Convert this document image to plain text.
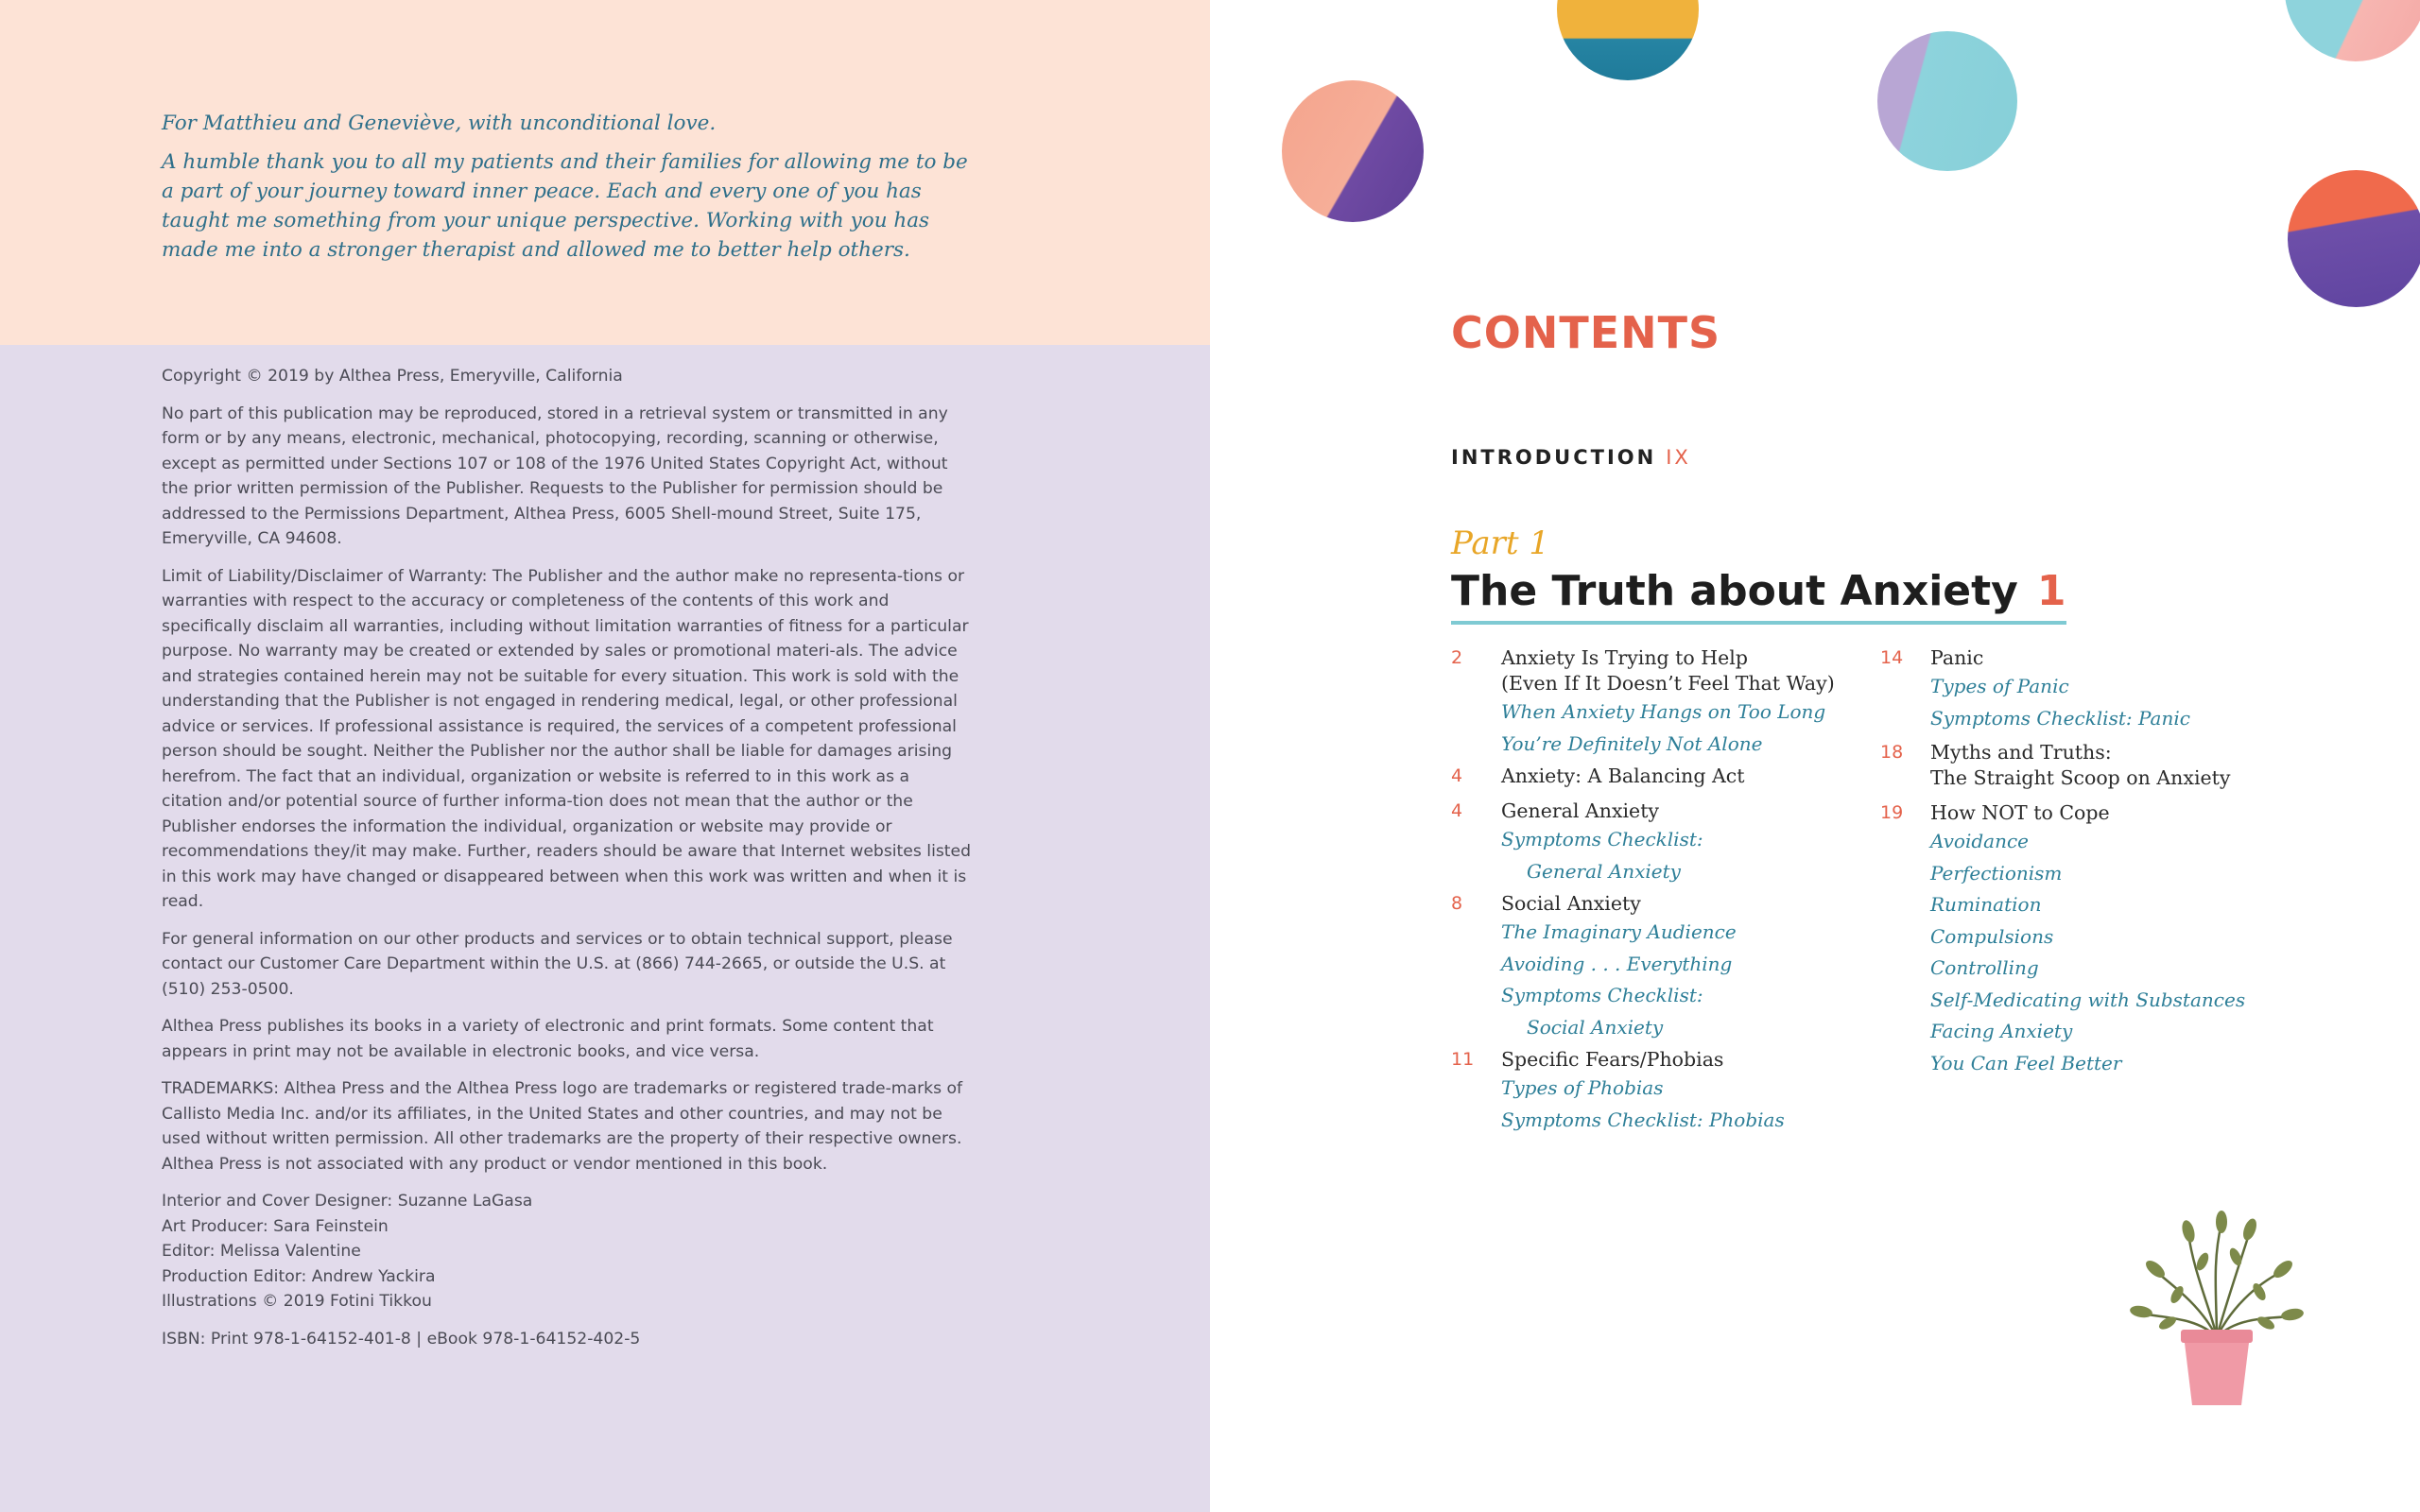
For Matthieu and Geneviève, with unconditional love.

A humble thank you to all my patients and their families for allowing me to be a part of your journey toward inner peace. Each and every one of you has taught me something from your unique perspective. Working with you has made me into a stronger therapist and allowed me to better help others.

Copyright © 2019 by Althea Press, Emeryville, California

No part of this publication may be reproduced, stored in a retrieval system or transmitted in any form or by any means, electronic, mechanical, photocopying, recording, scanning or otherwise, except as permitted under Sections 107 or 108 of the 1976 United States Copyright Act, without the prior written permission of the Publisher. Requests to the Publisher for permission should be addressed to the Permissions Department, Althea Press, 6005 Shell-mound Street, Suite 175, Emeryville, CA 94608.

Limit of Liability/Disclaimer of Warranty: The Publisher and the author make no representa-tions or warranties with respect to the accuracy or completeness of the contents of this work and specifically disclaim all warranties, including without limitation warranties of fitness for a particular purpose. No warranty may be created or extended by sales or promotional materi-als. The advice and strategies contained herein may not be suitable for every situation. This work is sold with the understanding that the Publisher is not engaged in rendering medical, legal, or other professional advice or services. If professional assistance is required, the services of a competent professional person should be sought. Neither the Publisher nor the author shall be liable for damages arising herefrom. The fact that an individual, organization or website is referred to in this work as a citation and/or potential source of further informa-tion does not mean that the author or the Publisher endorses the information the individual, organization or website may provide or recommendations they/it may make. Further, readers should be aware that Internet websites listed in this work may have changed or disappeared between when this work was written and when it is read.

For general information on our other products and services or to obtain technical support, please contact our Customer Care Department within the U.S. at (866) 744-2665, or outside the U.S. at (510) 253-0500.

Althea Press publishes its books in a variety of electronic and print formats. Some content that appears in print may not be available in electronic books, and vice versa.

TRADEMARKS: Althea Press and the Althea Press logo are trademarks or registered trade-marks of Callisto Media Inc. and/or its affiliates, in the United States and other countries, and may not be used without written permission. All other trademarks are the property of their respective owners. Althea Press is not associated with any product or vendor mentioned in this book.

Interior and Cover Designer: Suzanne LaGasa
Art Producer: Sara Feinstein
Editor: Melissa Valentine
Production Editor: Andrew Yackira
Illustrations © 2019 Fotini Tikkou

ISBN: Print 978-1-64152-401-8 | eBook 978-1-64152-402-5

CONTENTS
INTRODUCTION IX
Part 1
The Truth about Anxiety 1
2 Anxiety Is Trying to Help
(Even If It Doesn’t Feel That Way)
When Anxiety Hangs on Too Long
You’re Definitely Not Alone
4 Anxiety: A Balancing Act
4 General Anxiety
Symptoms Checklist:
General Anxiety
8 Social Anxiety
The Imaginary Audience
Avoiding . . . Everything
Symptoms Checklist:
Social Anxiety
11 Specific Fears/Phobias
Types of Phobias
Symptoms Checklist: Phobias
14 Panic
Types of Panic
Symptoms Checklist: Panic
18 Myths and Truths:
The Straight Scoop on Anxiety
19 How NOT to Cope
Avoidance
Perfectionism
Rumination
Compulsions
Controlling
Self-Medicating with Substances
Facing Anxiety
You Can Feel Better
